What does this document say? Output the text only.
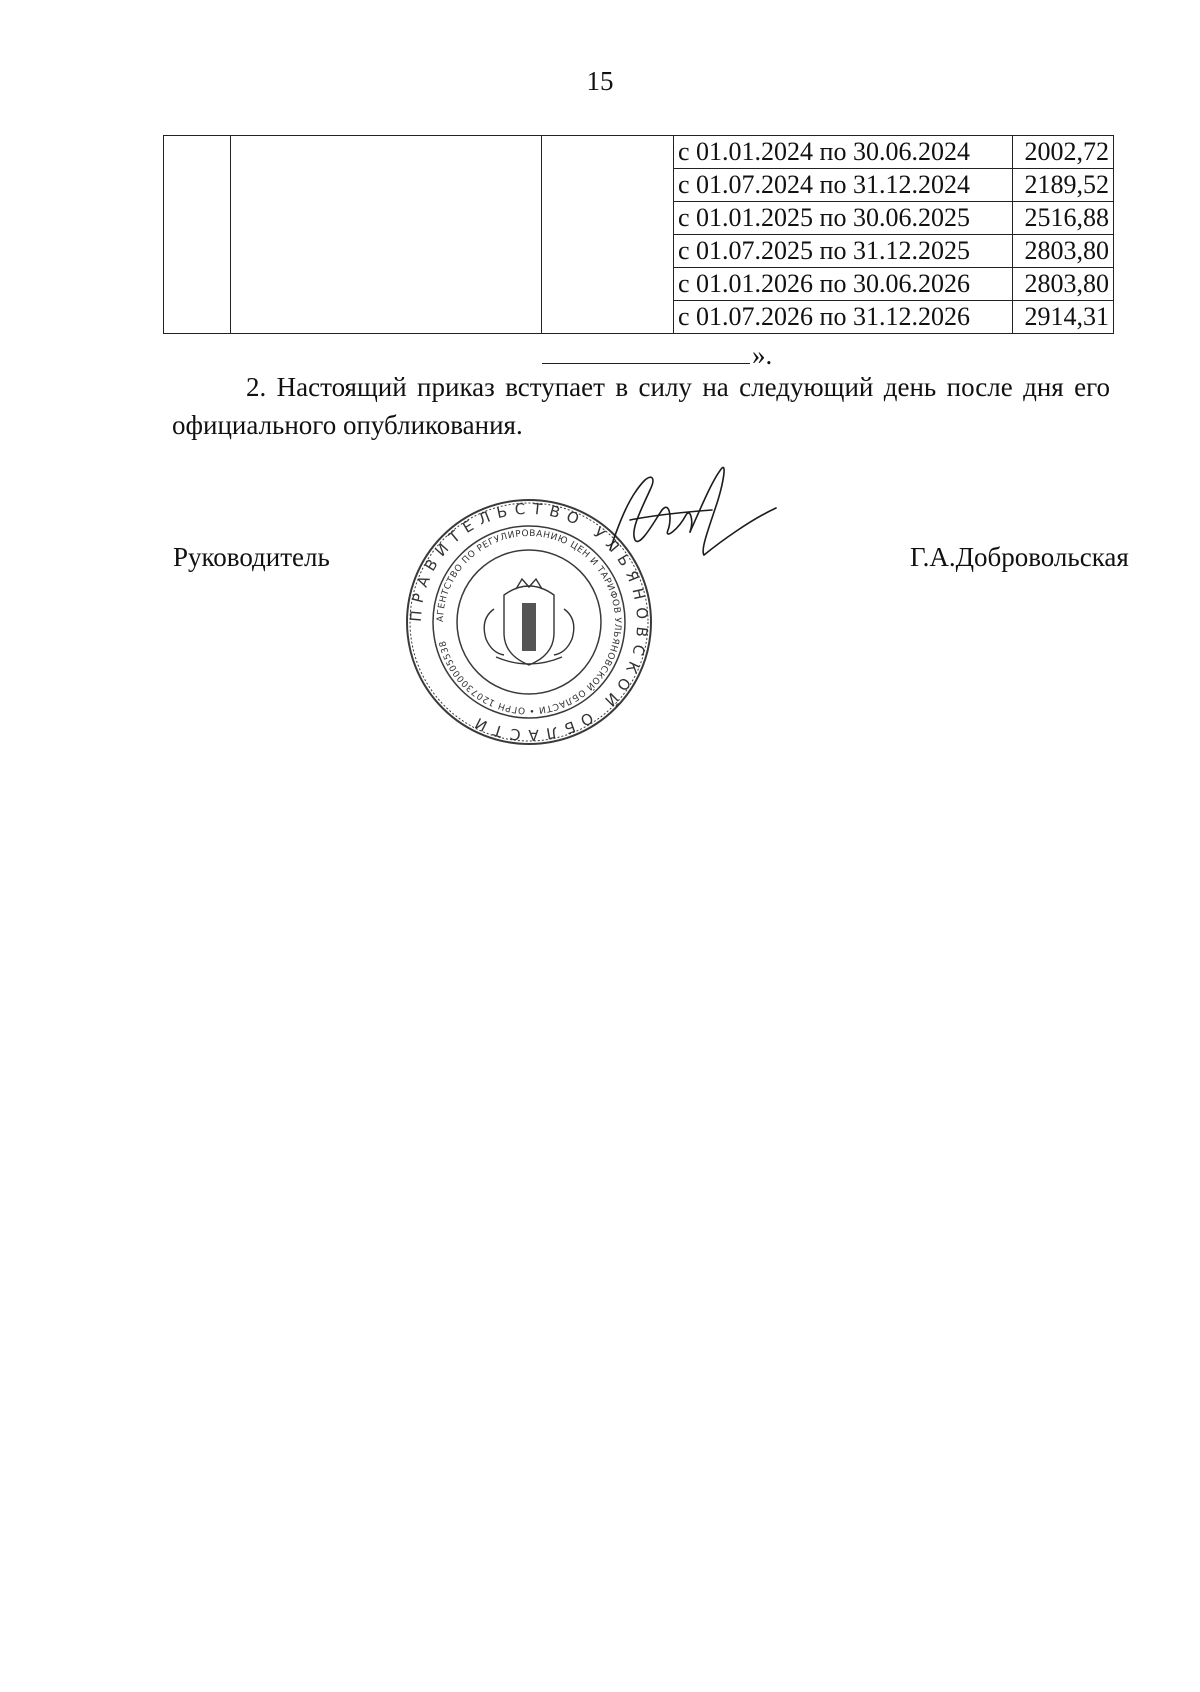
15
			с 01.01.2024 по 30.06.2024	2002,72
			с 01.07.2024 по 31.12.2024	2189,52
			с 01.01.2025 по 30.06.2025	2516,88
			с 01.07.2025 по 31.12.2025	2803,80
			с 01.01.2026 по 30.06.2026	2803,80
			с 01.07.2026 по 31.12.2026	2914,31
».
2. Настоящий приказ вступает в силу на следующий день после дня его официального опубликования.
Руководитель	Г.А.Добровольская
ПРАВИТЕЛЬСТВО УЛЬЯНОВСКОЙ ОБЛАСТИ
АГЕНТСТВО ПО РЕГУЛИРОВАНИЮ ЦЕН И ТАРИФОВ УЛЬЯНОВСКОЙ ОБЛАСТИ • ОГРН 1207300005538
